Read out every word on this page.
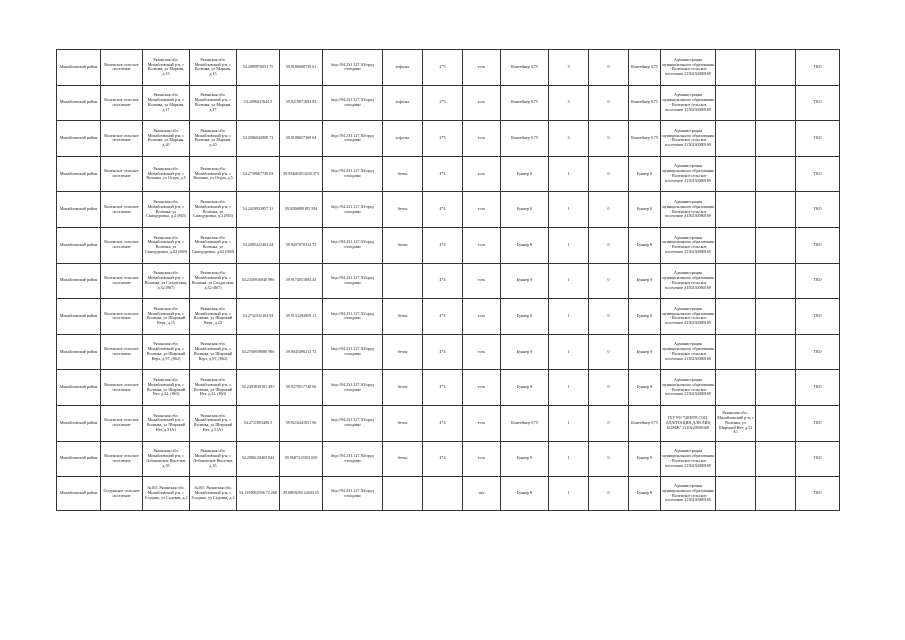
Михайловский район	Воленское сельское поселение	Рязанская обл. Михайловский р-н, с Воленка, ул Марьин, д.15	Рязанская обл. Михайловский р-н, с Воленка, ул Марьин, д.15	54.2089976051 75	39.9186668739 61	http://94.231.127.30/ород отходами	асфальт	2*5	есть	Контейнер 0.75	3	0	Контейнер 0.75	Администрация муниципального образования - Воленское сельское поселение 2150230080169			ТКО
Михайловский район	Воленское сельское поселение	Рязанская обл. Михайловский р-н, с Воленка, ул Марьин, д.17	Рязанская обл. Михайловский р-н, с Воленка, ул Марьин, д.17	54.2096637644 3	39.9219871894 83	http://94.231.127.30/ород отходами	асфальт	2*5	есть	Контейнер 0.75	3	0	Контейнер 0.75	Администрация муниципального образования - Воленское сельское поселение 2150230080169			ТКО
Михайловский район	Воленское сельское поселение	Рязанская обл. Михайловский р-н, с Воленка, ул Марьин, д.20	Рязанская обл. Михайловский р-н, с Воленка, ул Марьин, д.20	54.2086043908 73	39.9188657369 64	http://94.231.127.30/ород отходами	асфальт	2*5	есть	Контейнер 0.75	3	0	Контейнер 0.75	Администрация муниципального образования - Воленское сельское поселение 2150230080169			ТКО
Михайловский район	Воленское сельское поселение	Рязанская обл. Михайловский р-н, с Воленка, ул Огурь, д.5	Рязанская обл. Михайловский р-н, с Воленка, ул Огурь, д.5	54.2739667730 03	39.9346638 0230 373	http://94.231.127.30/ород отходами	бетон	4*4	есть	Бункер 8	1	0	Бункер 8	Администрация муниципального образования - Воленское сельское поселение 2150230080169			ТКО
Михайловский район	Воленское сельское поселение	Рязанская обл. Михайловский р-н, с Воленка, ул Самодуровка, д.2 (865)	Рязанская обл. Михайловский р-н, с Воленка, ул Самодуровка, д.2 (865)	54.2418923957 31	39.9286889185 594	http://94.231.127.30/ород отходами	бетон	4*4	есть	Бункер 8	1	0	Бункер 8	Администрация муниципального образования - Воленское сельское поселение 2150230080169			ТКО
Михайловский район	Воленское сельское поселение	Рязанская обл. Михайловский р-н, с Воленка, ул Самодуровка, д.62 (869)	Рязанская обл. Михайловский р-н, с Воленка, ул Самодуровка, д.62 (869)	54.2085221463 44	39.9207870312 73	http://94.231.127.30/ород отходами	бетон	4*4	есть	Бункер 8	1	0	Бункер 8	Администрация муниципального образования - Воленское сельское поселение 2150230080169			ТКО
Михайловский район	Воленское сельское поселение	Рязанская обл. Михайловский р-н, с Воленка, ул Солдатская, д.32 (867)	Рязанская обл. Михайловский р-н, с Воленка, ул Солдатская, д.32 (867)	54.2356916840 986	39.9174051804 45	http://94.231.127.30/ород отходами		4*4	есть	Бункер 8	1	0	Бункер 8	Администрация муниципального образования - Воленское сельское поселение 2150230080169			ТКО
Михайловский район	Воленское сельское поселение	Рязанская обл. Михайловский р-н, с Воленка, ул Широкий Верх, д.15	Рязанская обл. Михайловский р-н, с Воленка, ул Широкий Верх, д.15	54.2732532164 92	39.9131294909 11	http://94.231.127.30/ород отходами	бетон	4*4	есть	Бункер 8	1	0	Бункер 8	Администрация муниципального образования - Воленское сельское поселение 2150230080169			ТКО
Михайловский район	Воленское сельское поселение	Рязанская обл. Михайловский р-н, с Воленка, ул Широкий Верх, д.97, (862)	Рязанская обл. Михайловский р-н, с Воленка, ул Широкий Верх, д.97, (862)	54.2760939680 986	39.9045496213 72	http://94.231.127.30/ород отходами	бетон	4*4	есть	Бункер 8	1	0	Бункер 8	Администрация муниципального образования - Воленское сельское поселение 2150230080169			ТКО
Михайловский район	Воленское сельское поселение	Рязанская обл. Михайловский р-н, с Воленка, ул Широкий Нет, д.22, (863)	Рязанская обл. Михайловский р-н, с Воленка, ул Широкий Нет, д.22, (863)	54.2493838181 493	39.9279917748 66	http://94.231.127.30/ород отходами	бетон	4*4	есть	Бункер 8	1	0	Бункер 8	Администрация муниципального образования - Воленское сельское поселение 2150230080169			ТКО
Михайловский район	Воленское сельское поселение	Рязанская обл. Михайловский р-н, с Воленка, ул Широкий Нет, д.51А1	Рязанская обл. Михайловский р-н, с Воленка, ул Широкий Нет, д.51А1	54.2711803406 5	39.9216441051 96	http://94.231.127.30/ород отходами	бетон	4*4	есть	Контейнер 0.75	1	0	Контейнер 0.75	ГБУ РО "ЦЕНТР СОЦ. АДАПТАЦИИ ДЛЯ ЛИЦ БОМЖ" 2120220006368	Рязанская обл., Михайловский р-н, с Воленка, ул Широкий Нет, д.51 А1		ТКО
Михайловский район	Воленское сельское поселение	Рязанская обл. Михайловский р-н, с Лобановские Выселки, д.35	Рязанская обл. Михайловский р-н, с Лобановские Выселки, д.35	54.2986128403 944	39.9687315503 650	http://94.231.127.30/ород отходами	бетон	4*4	есть	Бункер 8	1	0	Бункер 8	Администрация муниципального образования - Воленское сельское поселение 2150230080169			ТКО
Михайловский район	Голдинское сельское поселение	№165. Рязанская обл. Михайловский р-н, с Голдино, ул Садовая, д.2	№165. Рязанская обл. Михайловский р-н, с Голдино, ул Садовая, д.2	54.1359062596 72 260	39.6803038 22603 25	http://94.231.127.30/ород отходами			нет	Бункер 8	1	0	Бункер 8	Администрация муниципального образования - Воленское сельское поселение 2150230080169			ТКО
